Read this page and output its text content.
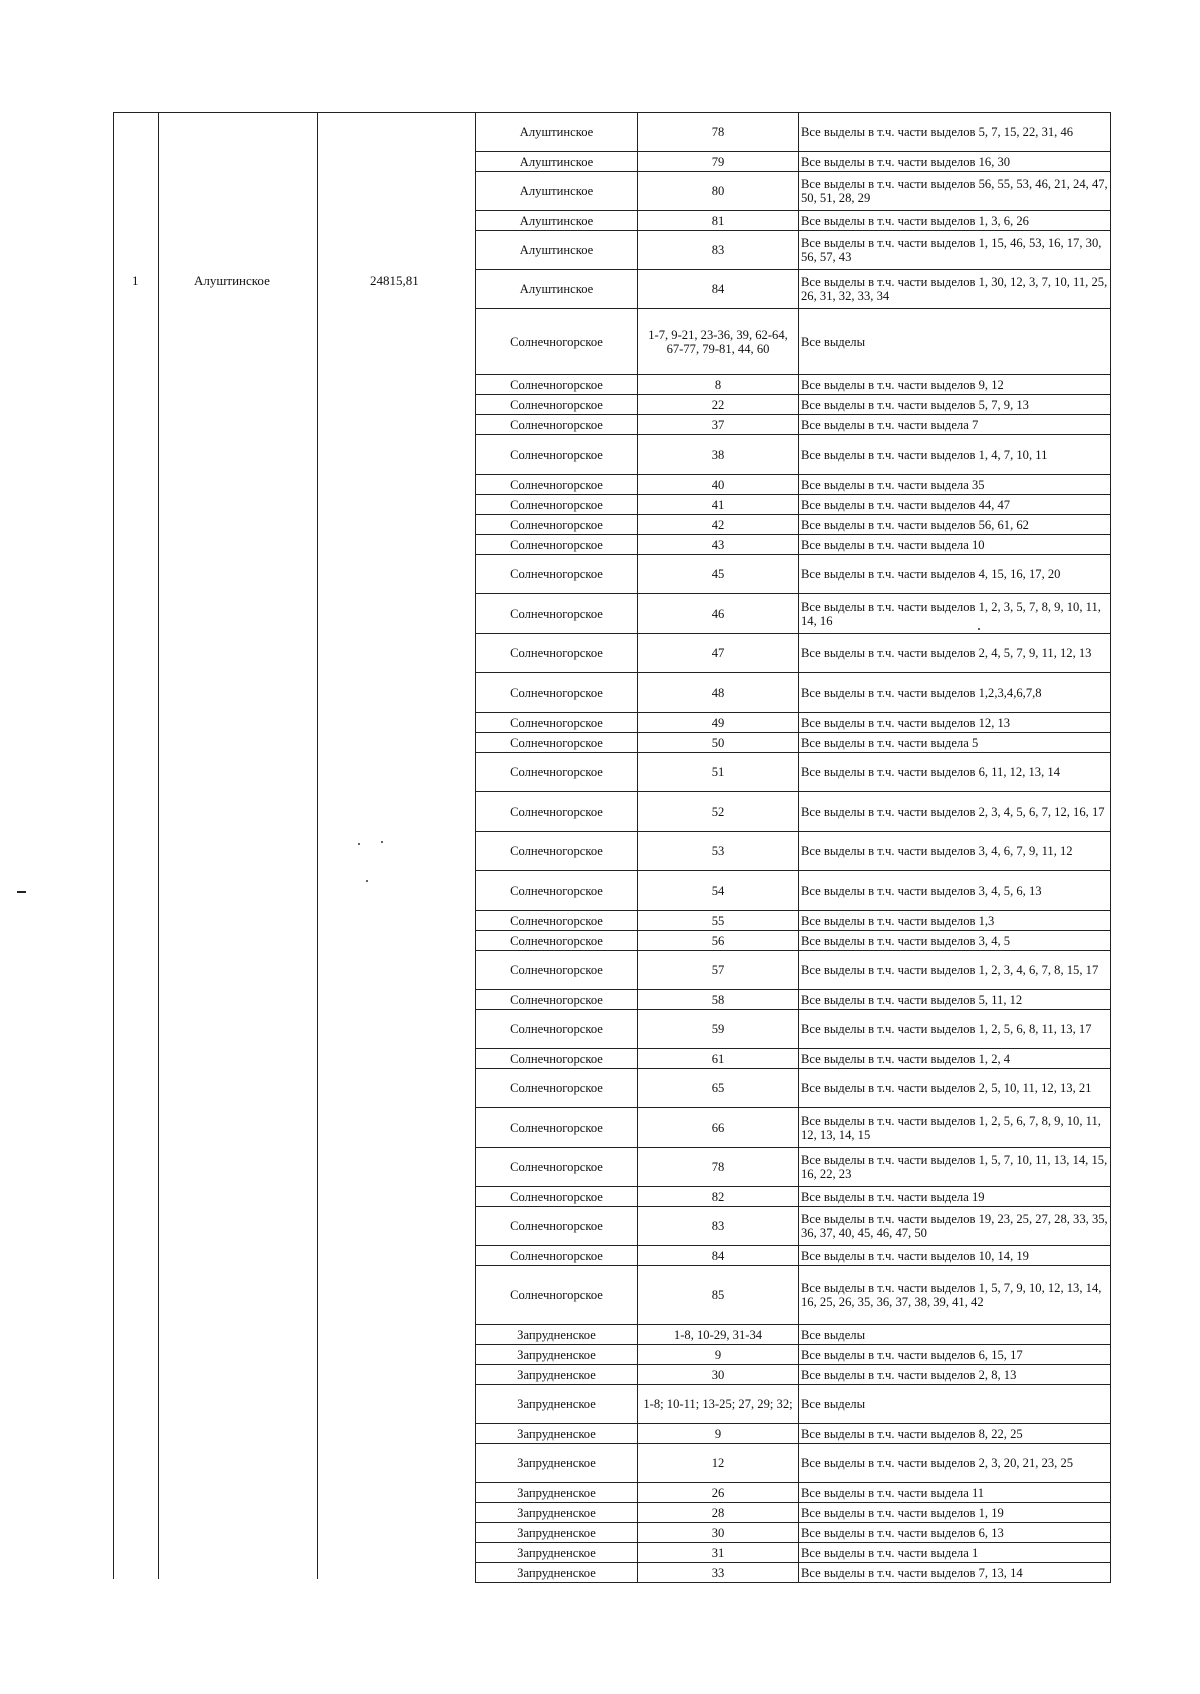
1	Алуштинское	24815,81
Алуштинское	78	Все выделы в т.ч. части выделов 5, 7, 15, 22, 31, 46
Алуштинское	79	Все выделы в т.ч. части выделов 16, 30
Алуштинское	80	Все выделы в т.ч. части выделов 56, 55, 53, 46, 21, 24, 47, 50, 51, 28, 29
Алуштинское	81	Все выделы в т.ч. части выделов 1, 3, 6, 26
Алуштинское	83	Все выделы в т.ч. части выделов 1, 15, 46, 53, 16, 17, 30, 56, 57, 43
Алуштинское	84	Все выделы в т.ч. части выделов 1, 30, 12, 3, 7, 10, 11, 25, 26, 31, 32, 33, 34
Солнечногорское	1-7, 9-21, 23-36, 39, 62-64, 67-77, 79-81, 44, 60	Все выделы
Солнечногорское	8	Все выделы в т.ч. части выделов 9, 12
Солнечногорское	22	Все выделы в т.ч. части выделов 5, 7, 9, 13
Солнечногорское	37	Все выделы в т.ч. части выдела 7
Солнечногорское	38	Все выделы в т.ч. части выделов 1, 4, 7, 10, 11
Солнечногорское	40	Все выделы в т.ч. части выдела 35
Солнечногорское	41	Все выделы в т.ч. части выделов 44, 47
Солнечногорское	42	Все выделы в т.ч. части выделов 56, 61, 62
Солнечногорское	43	Все выделы в т.ч. части выдела 10
Солнечногорское	45	Все выделы в т.ч. части выделов 4, 15, 16, 17, 20
Солнечногорское	46	Все выделы в т.ч. части выделов 1, 2, 3, 5, 7, 8, 9, 10, 11, 14, 16
Солнечногорское	47	Все выделы в т.ч. части выделов 2, 4, 5, 7, 9, 11, 12, 13
Солнечногорское	48	Все выделы в т.ч. части выделов 1,2,3,4,6,7,8
Солнечногорское	49	Все выделы в т.ч. части выделов 12, 13
Солнечногорское	50	Все выделы в т.ч. части выдела 5
Солнечногорское	51	Все выделы в т.ч. части выделов 6, 11, 12, 13, 14
Солнечногорское	52	Все выделы в т.ч. части выделов 2, 3, 4, 5, 6, 7, 12, 16, 17
Солнечногорское	53	Все выделы в т.ч. части выделов 3, 4, 6, 7, 9, 11, 12
Солнечногорское	54	Все выделы в т.ч. части выделов 3, 4, 5, 6, 13
Солнечногорское	55	Все выделы в т.ч. части выделов 1,3
Солнечногорское	56	Все выделы в т.ч. части выделов 3, 4, 5
Солнечногорское	57	Все выделы в т.ч. части выделов 1, 2, 3, 4, 6, 7, 8, 15, 17
Солнечногорское	58	Все выделы в т.ч. части выделов 5, 11, 12
Солнечногорское	59	Все выделы в т.ч. части выделов 1, 2, 5, 6, 8, 11, 13, 17
Солнечногорское	61	Все выделы в т.ч. части выделов 1, 2, 4
Солнечногорское	65	Все выделы в т.ч. части выделов 2, 5, 10, 11, 12, 13, 21
Солнечногорское	66	Все выделы в т.ч. части выделов 1, 2, 5, 6, 7, 8, 9, 10, 11, 12, 13, 14, 15
Солнечногорское	78	Все выделы в т.ч. части выделов 1, 5, 7, 10, 11, 13, 14, 15, 16, 22, 23
Солнечногорское	82	Все выделы в т.ч. части выдела 19
Солнечногорское	83	Все выделы в т.ч. части выделов 19, 23, 25, 27, 28, 33, 35, 36, 37, 40, 45, 46, 47, 50
Солнечногорское	84	Все выделы в т.ч. части выделов 10, 14, 19
Солнечногорское	85	Все выделы в т.ч. части выделов 1, 5, 7, 9, 10, 12, 13, 14, 16, 25, 26, 35, 36, 37, 38, 39, 41, 42
Запрудненское	1-8, 10-29, 31-34	Все выделы
Запрудненское	9	Все выделы в т.ч. части выделов 6, 15, 17
Запрудненское	30	Все выделы в т.ч. части выделов 2, 8, 13
Запрудненское	1-8; 10-11; 13-25; 27, 29; 32;	Все выделы
Запрудненское	9	Все выделы в т.ч. части выделов 8, 22, 25
Запрудненское	12	Все выделы в т.ч. части выделов 2, 3, 20, 21, 23, 25
Запрудненское	26	Все выделы в т.ч. части выдела 11
Запрудненское	28	Все выделы в т.ч. части выделов 1, 19
Запрудненское	30	Все выделы в т.ч. части выделов 6, 13
Запрудненское	31	Все выделы в т.ч. части выдела 1
Запрудненское	33	Все выделы в т.ч. части выделов 7, 13, 14
